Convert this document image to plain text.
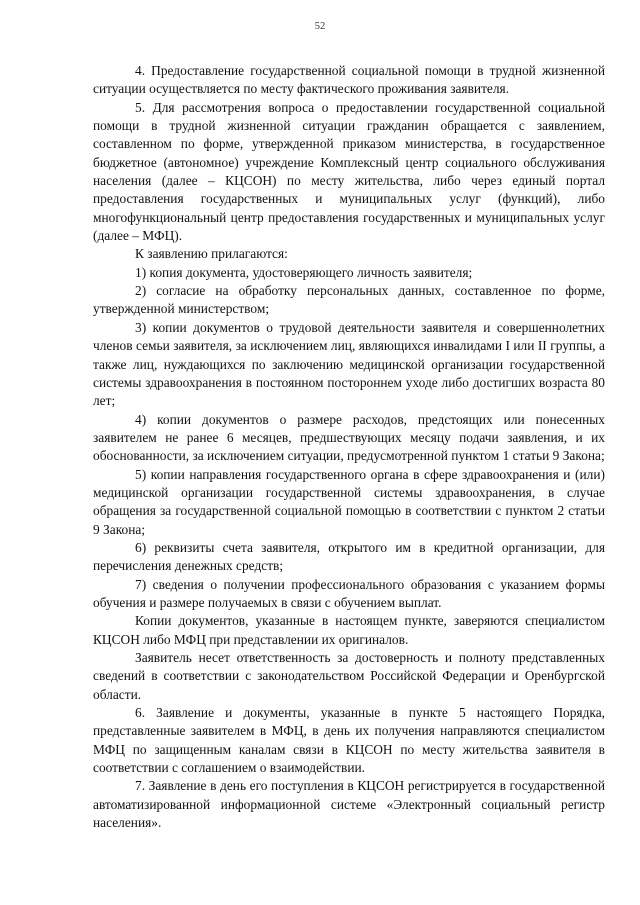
52

4. Предоставление государственной социальной помощи в трудной жизненной ситуации осуществляется по месту фактического проживания заявителя.

5. Для рассмотрения вопроса о предоставлении государственной социальной помощи в трудной жизненной ситуации гражданин обращается с заявлением, составленном по форме, утвержденной приказом министерства, в государственное бюджетное (автономное) учреждение Комплексный центр социального обслуживания населения (далее – КЦСОН) по месту жительства, либо через единый портал предоставления государственных и муниципальных услуг (функций), либо многофункциональный центр предоставления государственных и муниципальных услуг (далее – МФЦ).

К заявлению прилагаются:

1) копия документа, удостоверяющего личность заявителя;

2) согласие на обработку персональных данных, составленное по форме, утвержденной министерством;

3) копии документов о трудовой деятельности заявителя и совершеннолетних членов семьи заявителя, за исключением лиц, являющихся инвалидами I или II группы, а также лиц, нуждающихся по заключению медицинской организации государственной системы здравоохранения в постоянном постороннем уходе либо достигших возраста 80 лет;

4) копии документов о размере расходов, предстоящих или понесенных заявителем не ранее 6 месяцев, предшествующих месяцу подачи заявления, и их обоснованности, за исключением ситуации, предусмотренной пунктом 1 статьи 9 Закона;

5) копии направления государственного органа в сфере здравоохранения и (или) медицинской организации государственной системы здравоохранения, в случае обращения за государственной социальной помощью в соответствии с пунктом 2 статьи 9 Закона;

6) реквизиты счета заявителя, открытого им в кредитной организации, для перечисления денежных средств;

7) сведения о получении профессионального образования с указанием формы обучения и размере получаемых в связи с обучением выплат.

Копии документов, указанные в настоящем пункте, заверяются специалистом КЦСОН либо МФЦ при представлении их оригиналов.

Заявитель несет ответственность за достоверность и полноту представленных сведений в соответствии с законодательством Российской Федерации и Оренбургской области.

6. Заявление и документы, указанные в пункте 5 настоящего Порядка, представленные заявителем в МФЦ, в день их получения направляются специалистом МФЦ по защищенным каналам связи в КЦСОН по месту жительства заявителя в соответствии с соглашением о взаимодействии.

7. Заявление в день его поступления в КЦСОН регистрируется в государственной автоматизированной информационной системе «Электронный социальный регистр населения».
